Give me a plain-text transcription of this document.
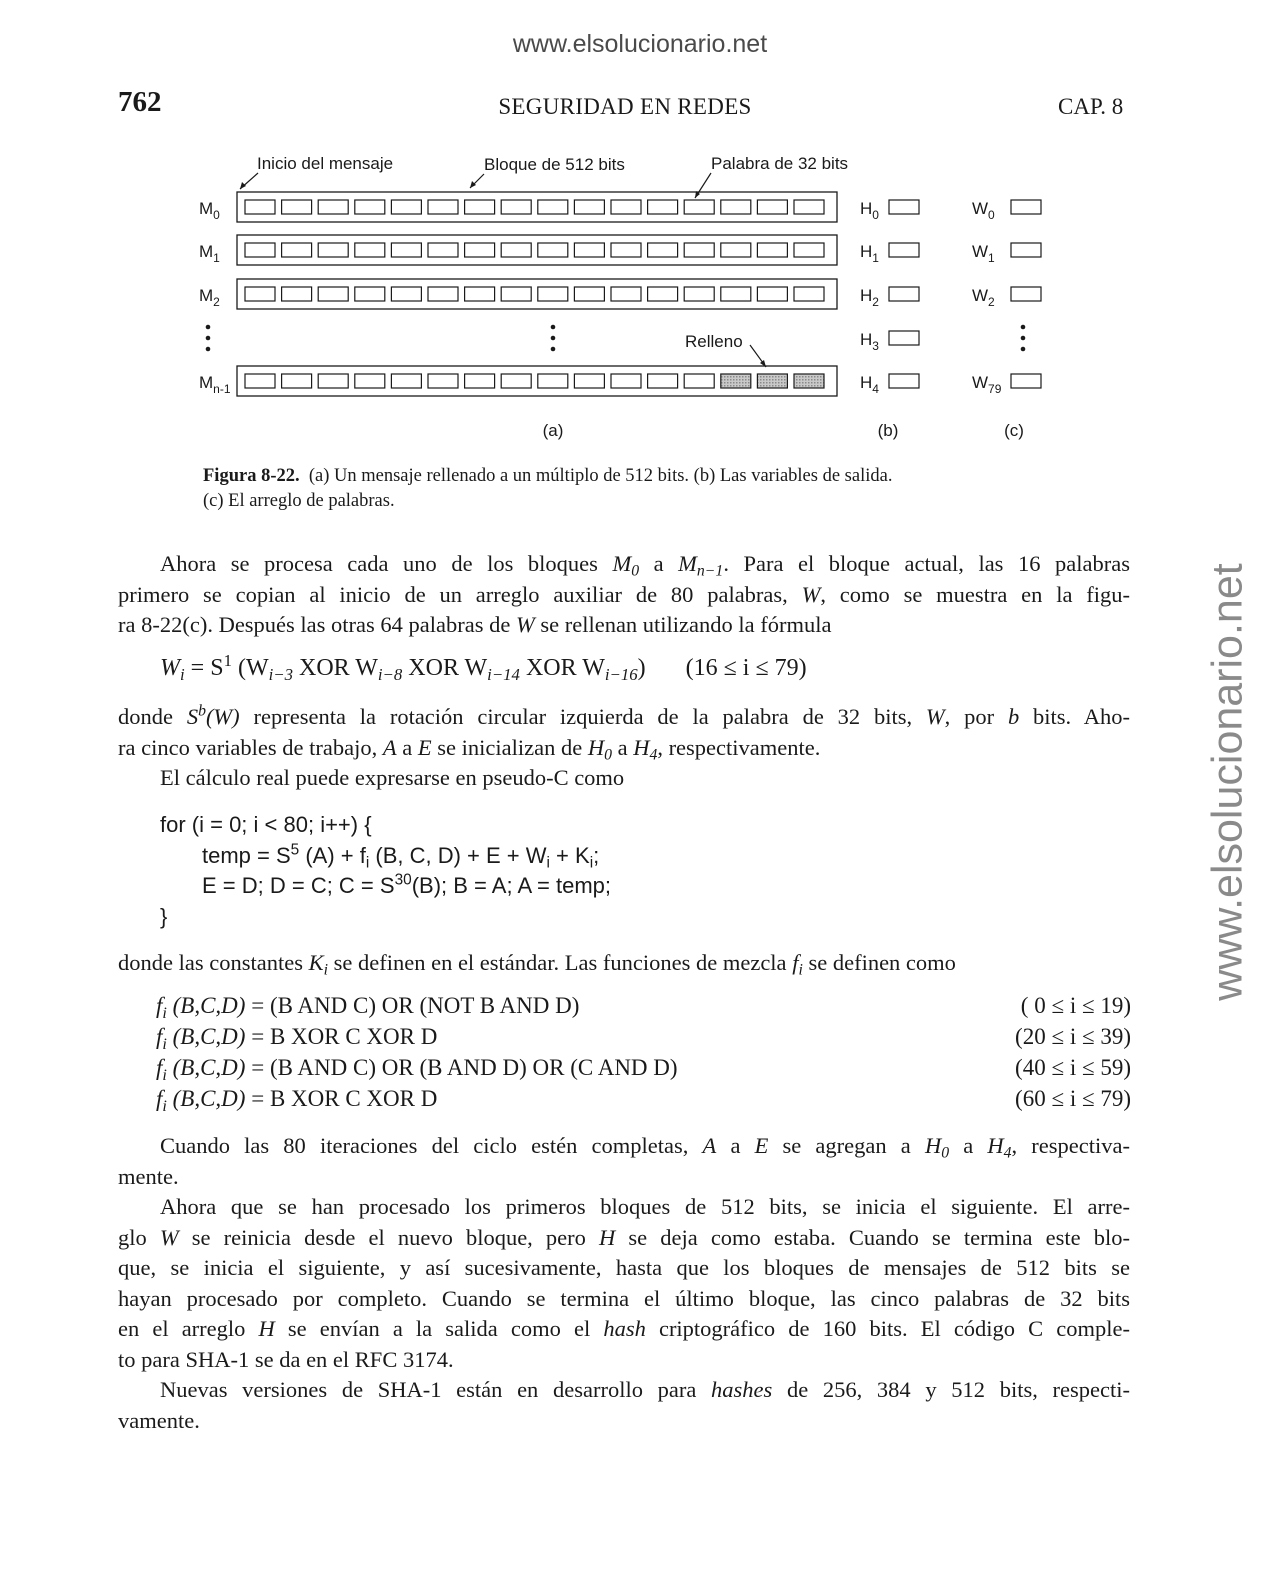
www.elsolucionario.net
www.elsolucionario.net
762	SEGURIDAD EN REDES	CAP. 8
$M_0$
$M_1$
$M_2$
$M_{n-1}$
$H_0$
$H_1$
$H_2$
$H_3$
$H_4$
$W_0$
$W_1$
$W_2$
$W_{79}$
Inicio del mensaje	Bloque de 512 bits	Palabra de 32 bits
Relleno
(a)	(b)	(c)
Figura 8-22. (a) Un mensaje rellenado a un múltiplo de 512 bits. (b) Las variables de salida.
(c) El arreglo de palabras.
Ahora se procesa cada uno de los bloques $M_0$ a $M_{n-1}$. Para el bloque actual, las 16 palabras
primero se copian al inicio de un arreglo auxiliar de 80 palabras, W, como se muestra en la figu-
ra 8-22(c). Después las otras 64 palabras de W se rellenan utilizando la fórmula
$W_i = S^1$ ($W_{i-3}$ XOR $W_{i-8}$ XOR $W_{i-14}$ XOR $W_{i-16}$) (16 ≤ i ≤ 79)
donde $S^b(W)$ representa la rotación circular izquierda de la palabra de 32 bits, W, por b bits. Aho-
ra cinco variables de trabajo, A a E se inicializan de $H_0$ a $H_4$, respectivamente.
El cálculo real puede expresarse en pseudo-C como
for (i = 0; i < 80; i++) {
temp = $S^5$ $(A) + f_i$ (B, C, $D) + E + W_i + K_i$;
E = D; D = C; $C = S^{30}(B)$; B = A; A = temp;
}
donde las constantes $K_i$ se definen en el estándar. Las funciones de mezcla $f_i$ se definen como
$f_i$ (B,C,D) = (B AND C) OR (NOT B AND D)	( 0 ≤ i ≤ 19)
$f_i$ (B,C,D) = B XOR C XOR D	(20 ≤ i ≤ 39)
$f_i$ (B,C,D) = (B AND C) OR (B AND D) OR (C AND D)	(40 ≤ i ≤ 59)
$f_i$ (B,C,D) = B XOR C XOR D	(60 ≤ i ≤ 79)
Cuando las 80 iteraciones del ciclo estén completas, A a E se agregan a $H_0$ a $H_4$, respectiva-
mente.
Ahora que se han procesado los primeros bloques de 512 bits, se inicia el siguiente. El arre-
glo W se reinicia desde el nuevo bloque, pero H se deja como estaba. Cuando se termina este blo-
que, se inicia el siguiente, y así sucesivamente, hasta que los bloques de mensajes de 512 bits se
hayan procesado por completo. Cuando se termina el último bloque, las cinco palabras de 32 bits
en el arreglo H se envían a la salida como el hash criptográfico de 160 bits. El código C comple-
to para SHA-1 se da en el RFC 3174.
Nuevas versiones de SHA-1 están en desarrollo para hashes de 256, 384 y 512 bits, respecti-
vamente.
